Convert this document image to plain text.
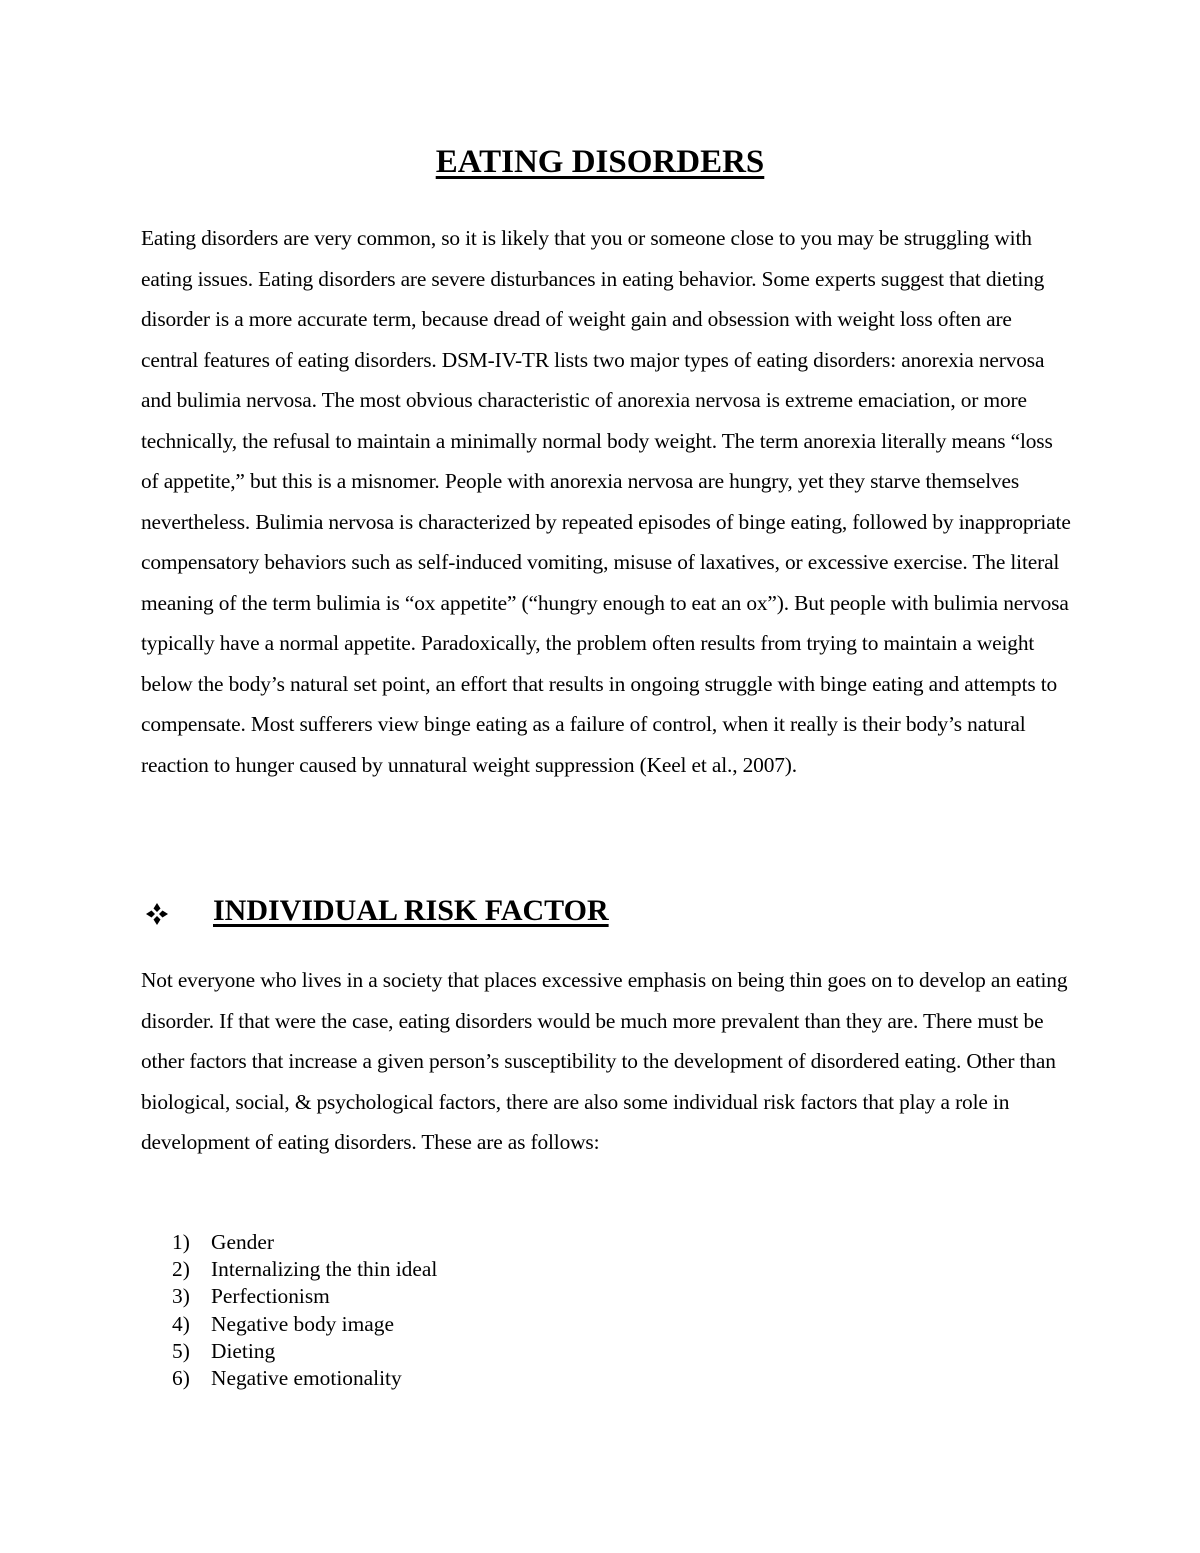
EATING DISORDERS

Eating disorders are very common, so it is likely that you or someone close to you may be struggling with eating issues. Eating disorders are severe disturbances in eating behavior. Some experts suggest that dieting disorder is a more accurate term, because dread of weight gain and obsession with weight loss often are central features of eating disorders. DSM-IV-TR lists two major types of eating disorders: anorexia nervosa and bulimia nervosa. The most obvious characteristic of anorexia nervosa is extreme emaciation, or more technically, the refusal to maintain a minimally normal body weight. The term anorexia literally means “loss of appetite,” but this is a misnomer. People with anorexia nervosa are hungry, yet they starve themselves nevertheless. Bulimia nervosa is characterized by repeated episodes of binge eating, followed by inappropriate compensatory behaviors such as self-induced vomiting, misuse of laxatives, or excessive exercise. The literal meaning of the term bulimia is “ox appetite” (“hungry enough to eat an ox”). But people with bulimia nervosa typically have a normal appetite. Paradoxically, the problem often results from trying to maintain a weight below the body’s natural set point, an effort that results in ongoing struggle with binge eating and attempts to compensate. Most sufferers view binge eating as a failure of control, when it really is their body’s natural reaction to hunger caused by unnatural weight suppression (Keel et al., 2007).

INDIVIDUAL RISK FACTOR

Not everyone who lives in a society that places excessive emphasis on being thin goes on to develop an eating disorder. If that were the case, eating disorders would be much more prevalent than they are. There must be other factors that increase a given person’s susceptibility to the development of disordered eating. Other than biological, social, & psychological factors, there are also some individual risk factors that play a role in development of eating disorders. These are as follows:

1) Gender
2) Internalizing the thin ideal
3) Perfectionism
4) Negative body image
5) Dieting
6) Negative emotionality
